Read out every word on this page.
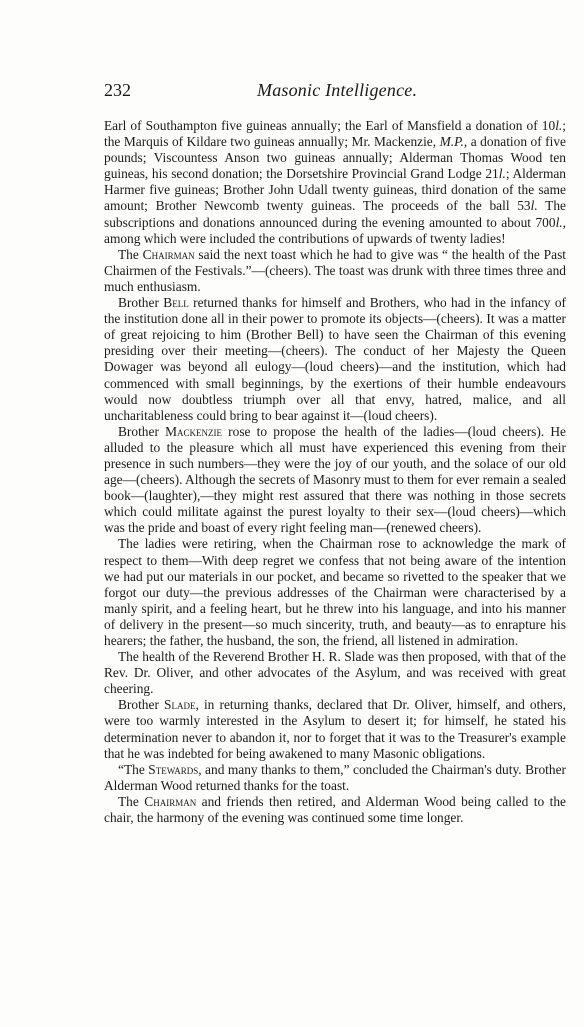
232	Masonic Intelligence.

Earl of Southampton five guineas annually; the Earl of Mansfield a donation of 10l.; the Marquis of Kildare two guineas annually; Mr. Mackenzie, M.P., a donation of five pounds; Viscountess Anson two guineas annually; Alderman Thomas Wood ten guineas, his second donation; the Dorsetshire Provincial Grand Lodge 21l.; Alderman Harmer five guineas; Brother John Udall twenty guineas, third donation of the same amount; Brother Newcomb twenty guineas. The proceeds of the ball 53l. The subscriptions and donations announced during the evening amounted to about 700l., among which were included the contributions of upwards of twenty ladies!

The Chairman said the next toast which he had to give was “ the health of the Past Chairmen of the Festivals.”—(cheers). The toast was drunk with three times three and much enthusiasm.

Brother Bell returned thanks for himself and Brothers, who had in the infancy of the institution done all in their power to promote its objects—(cheers). It was a matter of great rejoicing to him (Brother Bell) to have seen the Chairman of this evening presiding over their meeting—(cheers). The conduct of her Majesty the Queen Dowager was beyond all eulogy—(loud cheers)—and the institution, which had commenced with small beginnings, by the exertions of their humble endeavours would now doubtless triumph over all that envy, hatred, malice, and all uncharitableness could bring to bear against it—(loud cheers).

Brother Mackenzie rose to propose the health of the ladies—(loud cheers). He alluded to the pleasure which all must have experienced this evening from their presence in such numbers—they were the joy of our youth, and the solace of our old age—(cheers). Although the secrets of Masonry must to them for ever remain a sealed book—(laughter),—they might rest assured that there was nothing in those secrets which could militate against the purest loyalty to their sex—(loud cheers)—which was the pride and boast of every right feeling man—(renewed cheers).

The ladies were retiring, when the Chairman rose to acknowledge the mark of respect to them—With deep regret we confess that not being aware of the intention we had put our materials in our pocket, and became so rivetted to the speaker that we forgot our duty—the previous addresses of the Chairman were characterised by a manly spirit, and a feeling heart, but he threw into his language, and into his manner of delivery in the present—so much sincerity, truth, and beauty—as to enrapture his hearers; the father, the husband, the son, the friend, all listened in admiration.

The health of the Reverend Brother H. R. Slade was then proposed, with that of the Rev. Dr. Oliver, and other advocates of the Asylum, and was received with great cheering.

Brother Slade, in returning thanks, declared that Dr. Oliver, himself, and others, were too warmly interested in the Asylum to desert it; for himself, he stated his determination never to abandon it, nor to forget that it was to the Treasurer's example that he was indebted for being awakened to many Masonic obligations.

“The Stewards, and many thanks to them,” concluded the Chairman's duty. Brother Alderman Wood returned thanks for the toast.

The Chairman and friends then retired, and Alderman Wood being called to the chair, the harmony of the evening was continued some time longer.
